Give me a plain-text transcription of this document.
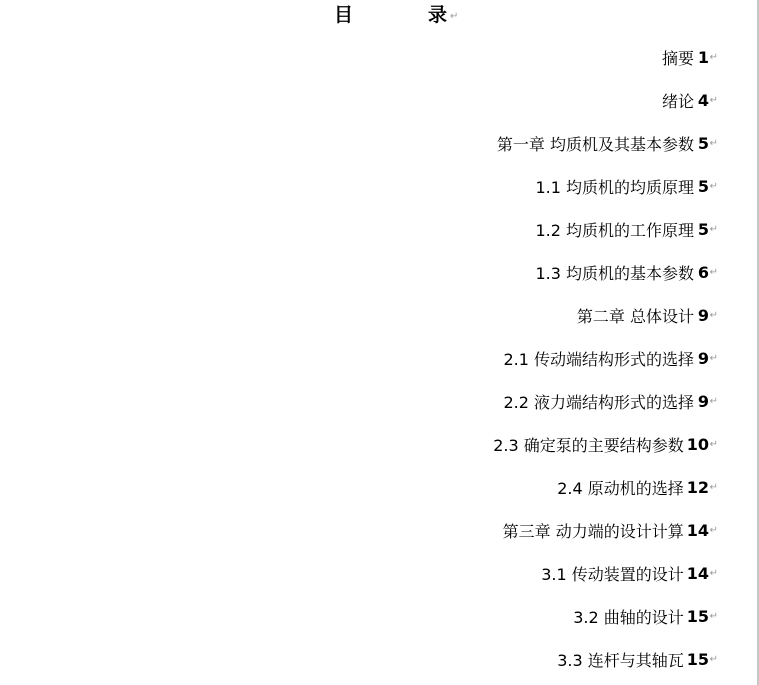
目	录 ↵
摘要 1 ↵
绪论 4 ↵
第一章 均质机及其基本参数 5 ↵
1.1 均质机的均质原理 5 ↵
1.2 均质机的工作原理 5 ↵
1.3 均质机的基本参数 6 ↵
第二章 总体设计 9 ↵
2.1 传动端结构形式的选择 9 ↵
2.2 液力端结构形式的选择 9 ↵
2.3 确定泵的主要结构参数 10 ↵
2.4 原动机的选择 12 ↵
第三章 动力端的设计计算 14 ↵
3.1 传动装置的设计 14 ↵
3.2 曲轴的设计 15 ↵
3.3 连杆与其轴瓦 15 ↵
